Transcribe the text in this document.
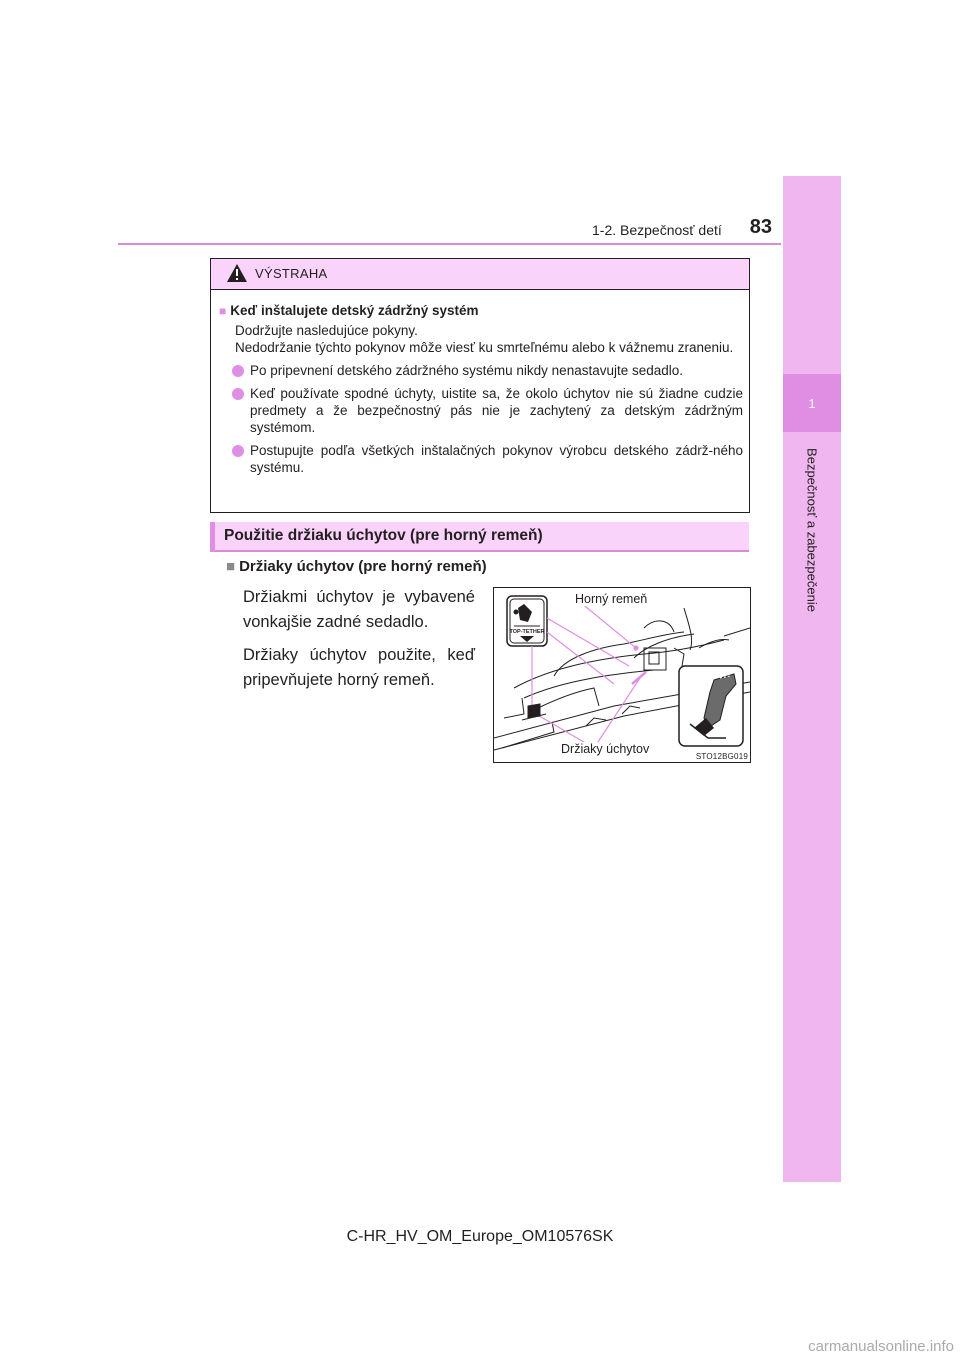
1
Bezpečnosť a zabezpečenie
1-2. Bezpečnosť detí	83
VÝSTRAHA
■ Keď inštalujete detský zádržný systém
Dodržujte nasledujúce pokyny.
Nedodržanie týchto pokynov môže viesť ku smrteľnému alebo k vážnemu zraneniu.
Po pripevnení detského zádržného systému nikdy nenastavujte sedadlo.
Keď používate spodné úchyty, uistite sa, že okolo úchytov nie sú žiadne cudzie predmety a že bezpečnostný pás nie je zachytený za detským zádržným systémom.
Postupujte podľa všetkých inštalačných pokynov výrobcu detského zádrž-ného systému.
Použitie držiaku úchytov (pre horný remeň)
■ Držiaky úchytov (pre horný remeň)

Držiakmi úchytov je vybavené vonkajšie zadné sedadlo.

Držiaky úchytov použite, keď pripevňujete horný remeň.

TOP-TETHER
Horný remeň
Držiaky úchytov
STO12BG019
C-HR_HV_OM_Europe_OM10576SK
carmanualsonline.info
